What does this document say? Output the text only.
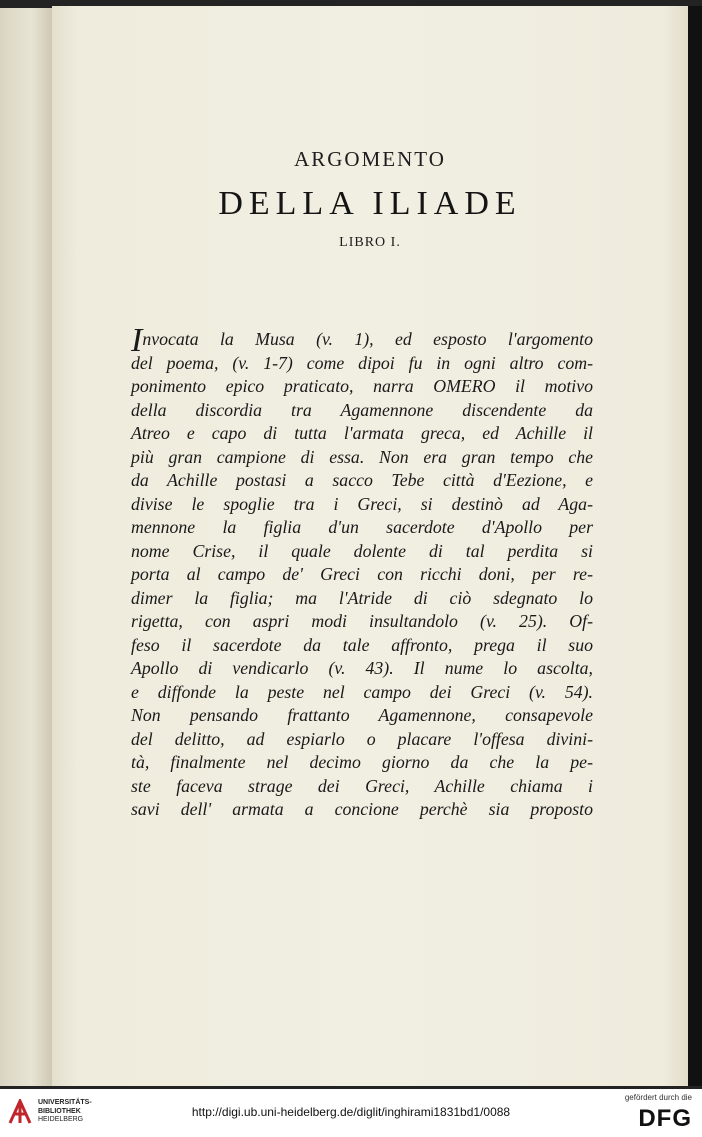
ARGOMENTO
DELLA ILIADE
LIBRO I.
Invocata la Musa (v. 1), ed esposto l'argomento
del poema, (v. 1-7) come dipoi fu in ogni altro com-
ponimento epico praticato, narra OMERO il motivo
della discordia tra Agamennone discendente da
Atreo e capo di tutta l'armata greca, ed Achille il
più gran campione di essa. Non era gran tempo che
da Achille postasi a sacco Tebe città d'Eezione, e
divise le spoglie tra i Greci, si destinò ad Aga-
mennone la figlia d'un sacerdote d'Apollo per
nome Crise, il quale dolente di tal perdita si
porta al campo de' Greci con ricchi doni, per re-
dimer la figlia; ma l'Atride di ciò sdegnato lo
rigetta, con aspri modi insultandolo (v. 25). Of-
feso il sacerdote da tale affronto, prega il suo
Apollo di vendicarlo (v. 43). Il nume lo ascolta,
e diffonde la peste nel campo dei Greci (v. 54).
Non pensando frattanto Agamennone, consapevole
del delitto, ad espiarlo o placare l'offesa divini-
tà, finalmente nel decimo giorno da che la pe-
ste faceva strage dei Greci, Achille chiama i
savi dell' armata a concione perchè sia proposto
UNIVERSITÄTS-
BIBLIOTHEK
HEIDELBERG
http://digi.ub.uni-heidelberg.de/diglit/inghirami1831bd1/0088
gefördert durch die
DFG
